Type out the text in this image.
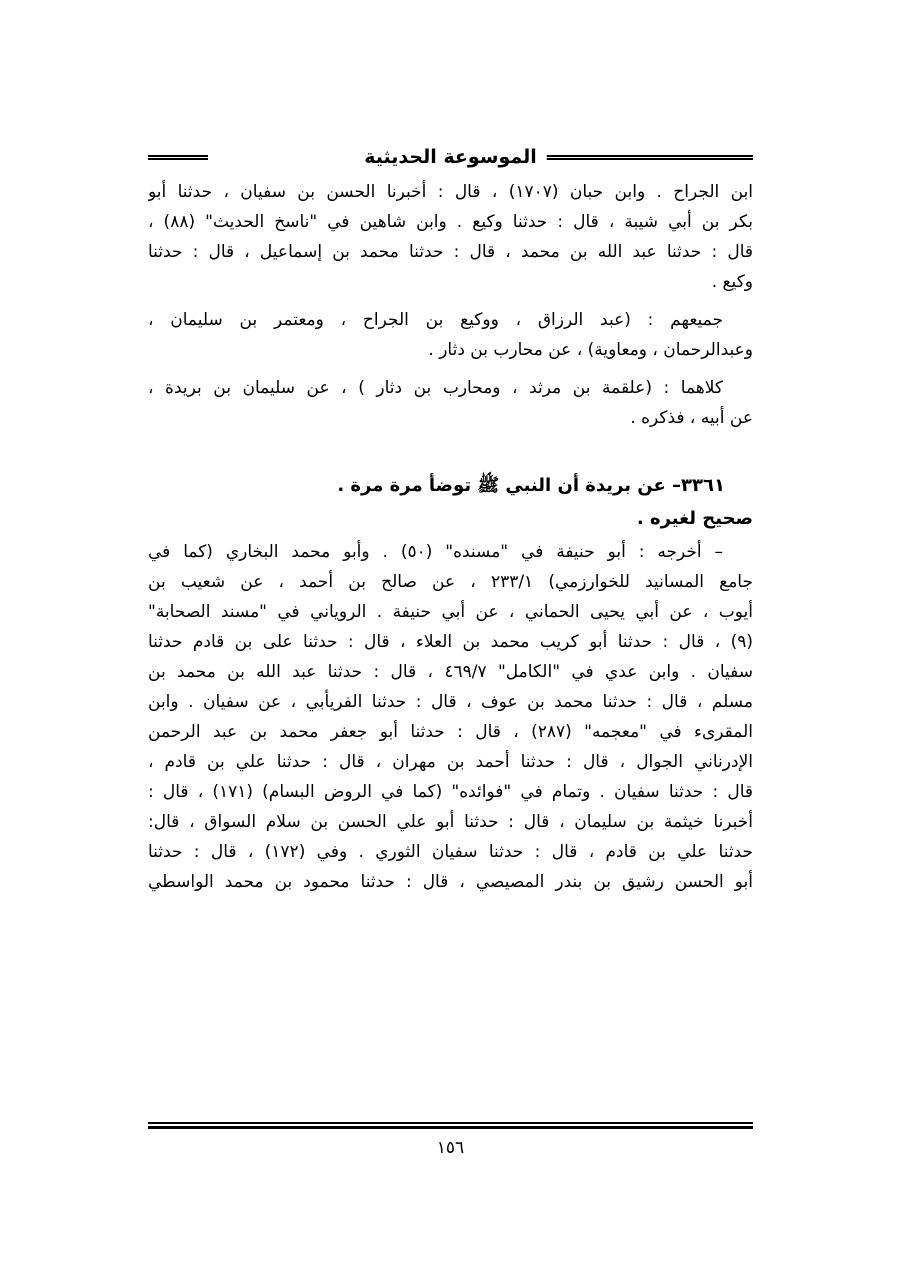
الموسوعة الحديثية
ابن الجراح . وابن حبان (١٧٠٧) ، قال : أخبرنا الحسن بن سفيان ، حدثنا أبو
بكر بن أبي شيبة ، قال : حدثنا وكيع . وابن شاهين في "ناسخ الحديث" (٨٨) ،
قال : حدثنا عبد الله بن محمد ، قال : حدثنا محمد بن إسماعيل ، قال : حدثنا
وكيع .
جميعهم : (عبد الرزاق ، ووكيع بن الجراح ، ومعتمر بن سليمان ،
وعبدالرحمان ، ومعاوية) ، عن محارب بن دثار .
كلاهما : (علقمة بن مرثد ، ومحارب بن دثار ) ، عن سليمان بن بريدة ،
عن أبيه ، فذكره .
٣٣٦١– عن بريدة أن النبي ﷺ توضأ مرة مرة .
صحيح لغيره .
– أخرجه : أبو حنيفة في "مسنده" (٥٠) . وأبو محمد البخاري (كما في
جامع المسانيد للخوارزمي) ٢٣٣/١ ، عن صالح بن أحمد ، عن شعيب بن
أيوب ، عن أبي يحيى الحماني ، عن أبي حنيفة . الروياني في "مسند الصحابة"
(٩) ، قال : حدثنا أبو كريب محمد بن العلاء ، قال : حدثنا على بن قادم حدثنا
سفيان . وابن عدي في "الكامل" ٤٦٩/٧ ، قال : حدثنا عبد الله بن محمد بن
مسلم ، قال : حدثنا محمد بن عوف ، قال : حدثنا الفريأبي ، عن سفيان . وابن
المقرىء في "معجمه" (٢٨٧) ، قال : حدثنا أبو جعفر محمد بن عبد الرحمن
الإدرناني الجوال ، قال : حدثنا أحمد بن مهران ، قال : حدثنا علي بن قادم ،
قال : حدثنا سفيان . وتمام في "فوائده" (كما في الروض البسام) (١٧١) ، قال :
أخبرنا خيثمة بن سليمان ، قال : حدثنا أبو علي الحسن بن سلام السواق ، قال:
حدثنا علي بن قادم ، قال : حدثنا سفيان الثوري . وفي (١٧٢) ، قال : حدثنا
أبو الحسن رشيق بن بندر المصيصي ، قال : حدثنا محمود بن محمد الواسطي
١٥٦
